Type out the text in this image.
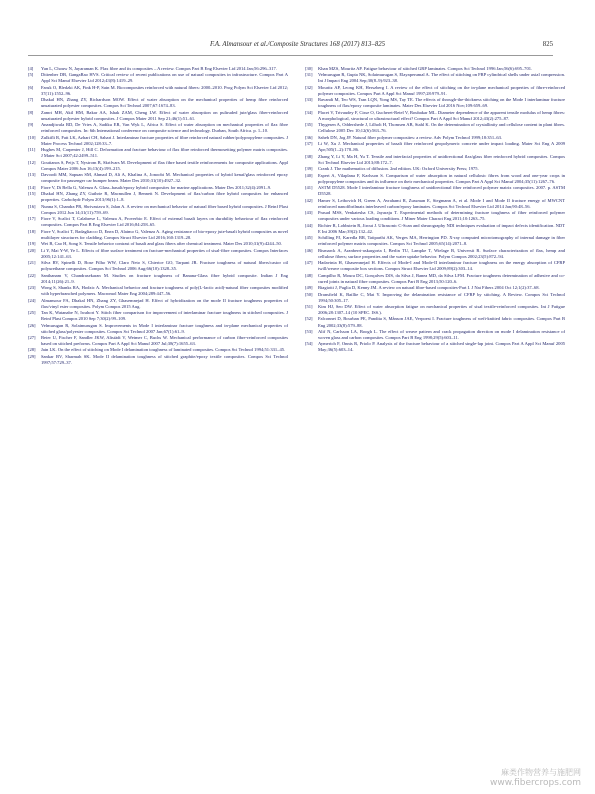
F.A. Almansour et al./Composite Structures 168 (2017) 813–825	825
[4] Yan L, Chouw N, Jayaraman K. Flax fibre and its composites – A review. Compos Part B Eng Elsevier Ltd 2014 Jan;56:296–317.
[5] Dittenber DB, GangaRao HVS. Critical review of recent publications on use of natural composites in infrastructure. Compos Part A Appl Sci Manuf Elsevier Ltd 2012;43(8):1419–29.
[6] Faruk O, Bledzki AK, Fink H-P, Sain M. Biocomposites reinforced with natural fibers: 2000–2010. Prog Polym Sci Elsevier Ltd 2012; 37(11):1552–96.
[7] Dhakal HN, Zhang ZY, Richardson MOW. Effect of water absorption on the mechanical properties of hemp fibre reinforced unsaturated polyester composites. Compos Sci Technol 2007;67:1674–83.
[8] Zamri MH, Akil HM, Bakar AA, Ishak ZAM, Cheng LW. Effect of water absorption on pultruded jute/glass fiber-reinforced unsaturated polyester hybrid composites. J Compos Mater 2011 Sep 21;46(1):51–61.
[9] Anandjiwala RD, De Vries A, Sadiku ER, Van Wyk L, Africa S. Effect of water absorption on mechanical properties of flax fibre reinforced composites. In: 6th International conference on composite science and technology. Durban, South Africa. p. 1–10.
[10] Zulkifli R, Fatt LK, Azhari CH, Sahari J. Interlaminar fracture properties of fibre reinforced natural rubber/polypropylene composites. J Mater Process Technol 2002;128:33–7.
[11] Hughes M, Carpenter J, Hill C. Deformation and fracture behaviour of flax fibre reinforced thermosetting polymer matrix composites. J Mater Sci 2007;42:2499–511.
[12] Goutianos S, Peijs T, Nystrom B, Skrifvars M. Development of flax fibre based textile reinforcements for composite applications. Appl Compos Mater 2006 Jun 16;13(4):199–215.
[13] Davoodi MM, Sapuan SM, Ahmad D, Ali A, Khalina A, Jonoobi M. Mechanical properties of hybrid kenaf/glass reinforced epoxy composite for passenger car bumper beam. Mater Des 2010;31(10):4927–32.
[14] Fiore V, Di Bella G, Valenza A. Glass–basalt/epoxy hybrid composites for marine applications. Mater Des 2011;32(4):2091–9.
[15] Dhakal HN, Zhang ZY, Guthrie R, Macmullen J, Bennett N. Development of flax/carbon fibre hybrid composites for enhanced properties. Carbohydr Polym 2013;96(1):1–8.
[16] Nunna S, Chandra PR, Shrivastava S, Jalan A. A review on mechanical behavior of natural fiber based hybrid composites. J Reinf Plast Compos 2012 Jun 14;31(11):759–69.
[17] Fiore V, Scalici T, Calabrese L, Valenza A, Proverbio E. Effect of external basalt layers on durability behaviour of flax reinforced composites. Compos Part B Eng Elsevier Ltd 2016;84:258–65.
[18] Fiore V, Scalici T, Badagliacco D, Enea D, Alaimo G, Valenza A. Aging resistance of bio-epoxy jute-basalt hybrid composites as novel multilayer structures for cladding. Compos Struct Elsevier Ltd 2016;160:1319–28.
[19] Wei B, Cao H, Song S. Tensile behavior contrast of basalt and glass fibers after chemical treatment. Mater Des 2010;31(9):4244–50.
[20] Li Y, Mai Y-W, Ye L. Effects of fibre surface treatment on fracture-mechanical properties of sisal-fibre composites. Compos Interfaces 2005;12:141–63.
[21] Silva RV, Spinelli D, Bose Filho WW, Claro Neto S, Chierice GO, Tarpani JR. Fracture toughness of natural fibers/castor oil polyurethane composites. Compos Sci Technol 2006 Aug;66(10):1328–35.
[22] Santhanam V, Chandrasekaran M. Studies on fracture toughness of Banana-Glass fibre hybrid composite. Indian J Eng 2014;11(26):21–9.
[23] Wong S, Shanks RA, Hodzic A. Mechanical behavior and fracture toughness of poly(L-lactic acid)-natural fiber composites modified with hyperbranched polymers. Macromol Mater Eng 2004;289:447–56.
[24] Almansour FA, Dhakal HN, Zhang ZY, Ghasemnejad H. Effect of hybridization on the mode II fracture toughness properties of flax/vinyl ester composites. Polym Compos 2015 Aug.
[25] Tan K, Watanabe N, Iwahori Y. Stitch fiber comparison for improvement of interlaminar fracture toughness in stitched composites. J Reinf Plast Compos 2010 Sep 7;30(2):99–109.
[26] Velmurugan R, Solaimurugan S. Improvements in Mode I interlaminar fracture toughness and in-plane mechanical properties of stitched glass/polyester composites. Compos Sci Technol 2007 Jan;67(1):61–9.
[27] Beier U, Fischer F, Sandler JKW, Altstädt V, Weimer C, Buchs W. Mechanical performance of carbon fibre-reinforced composites based on stitched preforms. Compos Part A Appl Sci Manuf 2007 Jul;38(7):1655–63.
[28] Jain LK. On the effect of stitching on Mode I delamination toughness of laminated composites. Compos Sci Technol 1994;51:331–45.
[29] Sankar BV, Sharmah SK. Mode II delamination toughness of stitched graphite/epoxy textile composites. Compos Sci Technol 1997;57:729–37.
[30] Khan MZS, Mouritz AP. Fatigue behaviour of stitched GRP laminates. Compos Sci Technol 1996 Jan;56(6):695–701.
[31] Velmurugan R, Gupta NK, Solaimurugan S, Elayaperumal A. The effect of stitching on FRP cylindrical shells under axial compression. Int J Impact Eng 2004 Sep;30(8–9):923–38.
[32] Mouritz AP, Leong KH, Herszberg I. A review of the effect of stitching on the in-plane mechanical properties of fibre-reinforced polymer composites. Compos Part A Appl Sci Manuf 1997;28:979–91.
[33] Ravandi M, Teo WS, Tran LQN, Yong MS, Tay TE. The effects of through-the-thickness stitching on the Mode I interlaminar fracture toughness of flax/epoxy composite laminates. Mater Des Elsevier Ltd 2016 Nov;109:659–69.
[34] Placet V, Trivaudey F, Cisse O, Gucheret-Retel V, Boubakar ML. Diameter dependence of the apparent tensile modulus of hemp fibres: A morphological, structural or ultrastructural effect? Compos Part A Appl Sci Manuf 2012;43(2):275–87.
[35] Thygesen A, Oddershede J, Lilholt H, Thomsen AB, Stahl K. On the determination of crystallinity and cellulose content in plant fibres. Cellulose 2005 Dec 10;12(6):563–76.
[36] Saheb DN, Jog JP. Natural fiber polymer composites: a review. Adv Polym Technol 1999;18:351–63.
[37] Li W, Xu J. Mechanical properties of basalt fiber reinforced geopolymeric concrete under impact loading. Mater Sci Eng A 2009 Apr;505(1–2):178–86.
[38] Zhang Y, Li Y, Ma H, Yu T. Tensile and interfacial properties of unidirectional flax/glass fiber reinforced hybrid composites. Compos Sci Technol Elsevier Ltd 2013;88:172–7.
[39] Crank J. The mathematics of diffusion. 2nd edition. UK: Oxford University Press; 1975.
[40] Espert A, Vilaplana F, Karlsson S. Comparison of water absorption in natural cellulosic fibres from wood and one-year crops in polypropylene composites and its influence on their mechanical properties. Compos Part A Appl Sci Manuf 2004;35(11):1267–76.
[41] ASTM D5528. Mode I interlaminar fracture toughness of unidirectional fiber reinforced polymer matrix composites. 2007. p. ASTM D5528.
[42] Hamer S, Leibovich H, Green A, Avrahami R, Zussman E, Siegmann A, et al. Mode I and Mode II fracture energy of MWCNT reinforced nanofibrilmats interleaved carbon/epoxy laminates. Compos Sci Technol Elsevier Ltd 2014 Jan;90:48–56.
[43] Prasad MSS, Venkatesha CS, Jayaraju T. Experimental methods of determining fracture toughness of fiber reinforced polymer composites under various loading conditions. J Miner Mater Charact Eng 2011;10:1263–75.
[44] Richter R, Lobbstein R, Jirout J. Ultrasonic C-Scan and shearography NDI techniques evaluation of impact defects identification. NDT E Int 2006 Mar;39(2):132–42.
[45] Schilling PJ, Karedla BR, Tatiparthi AK, Verges MA, Herrington PD. X-ray computed microtomography of internal damage in fiber reinforced polymer matrix composites. Compos Sci Technol 2005;65(14):2071–8.
[46] Bismarck A, Aranberri-askargorta I, Berlin TU, Lampke T, Wielage B, Universit R. Surface characterization of flax, hemp and cellulose fibers; surface properties and the water uptake behavior. Polym Compos 2002;23(5):872–94.
[47] Hadavinia H, Ghasemnejad H. Effects of Mode-I and Mode-II interlaminar fracture toughness on the energy absorption of CFRP twill/weave composite box sections. Compos Struct Elsevier Ltd 2009;89(2):303–14.
[48] Campilho R, Moura DC, Gonçalves DJS, da Silva J, Banea MD, da Silva LFM. Fracture toughness determination of adhesive and co-cured joints in natural fibre composites. Compos Part B Eng 2013;50:120–6.
[49] Biagiotti J, Puglia D, Kenny JM. A review on natural fibre-based composites-Part I. J Nat Fibers 2004 Oct 12;1(2):37–68.
[50] Dransfield K, Baillie C, Mai Y. Improving the delamination resistance of CFRP by stitching. A Review. Compos Sci Technol 1994;50:305–17.
[51] Kim HJ, Seo DW. Effect of water absorption fatigue on mechanical properties of sisal textile-reinforced composites. Int J Fatigue 2006;28:1307–14 (10 SPEC. ISS.).
[52] Falconnet D, Bourban PE, Pandita S, Månson JAE, Verpoest I. Fracture toughness of weft-knitted fabric composites. Compos Part B Eng 2002;33(8):579–88.
[53] Alif N, Carlsson LA, Boogh L. The effect of weave pattern and crack propagation direction on mode I delamination resistance of woven glass and carbon composites. Compos Part B Eng 1998;29(5):603–11.
[54] Aymerich F, Onnis R, Priolo P. Analysis of the fracture behaviour of a stitched single-lap joint. Compos Part A Appl Sci Manuf 2005 May;36(5):603–14.
麻类作物营养与施肥网
www.fibercrops.com
